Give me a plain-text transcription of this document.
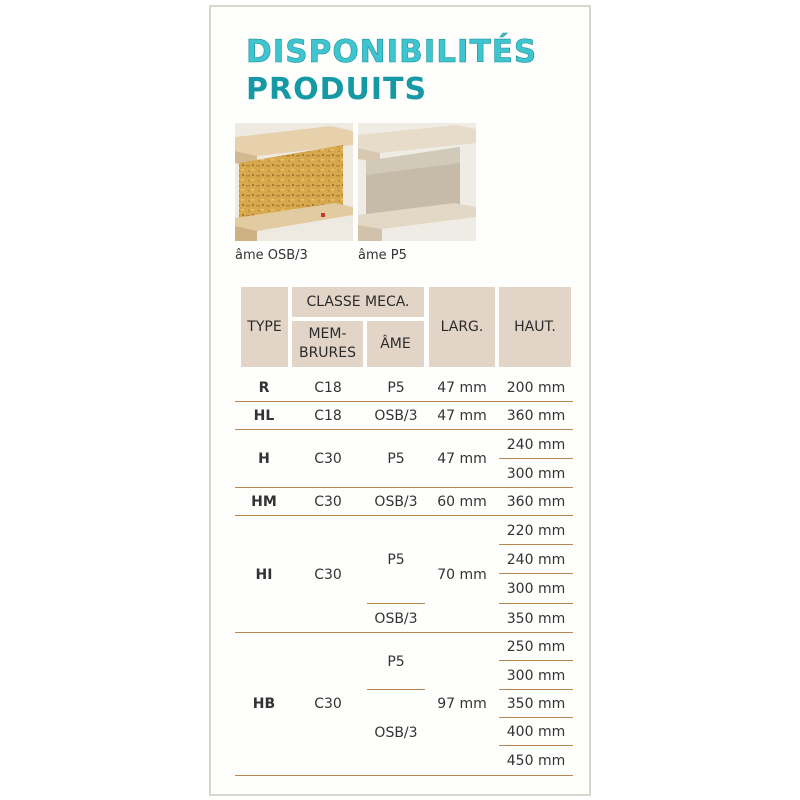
DISPONIBILITÉS
PRODUITS
âme OSB/3	âme P5
TYPE
CLASSE MECA.
MEM-
BRURES
ÂME
LARG.	HAUT.
R
HL
H
HM
HI
HB
C18
C18
C30
C30
C30
C30
P5
OSB/3
P5
OSB/3
P5
OSB/3
P5
OSB/3
47 mm
47 mm
47 mm
60 mm
70 mm
97 mm
200 mm
360 mm
240 mm
300 mm
360 mm
220 mm
240 mm
300 mm
350 mm
250 mm
300 mm
350 mm
400 mm
450 mm
